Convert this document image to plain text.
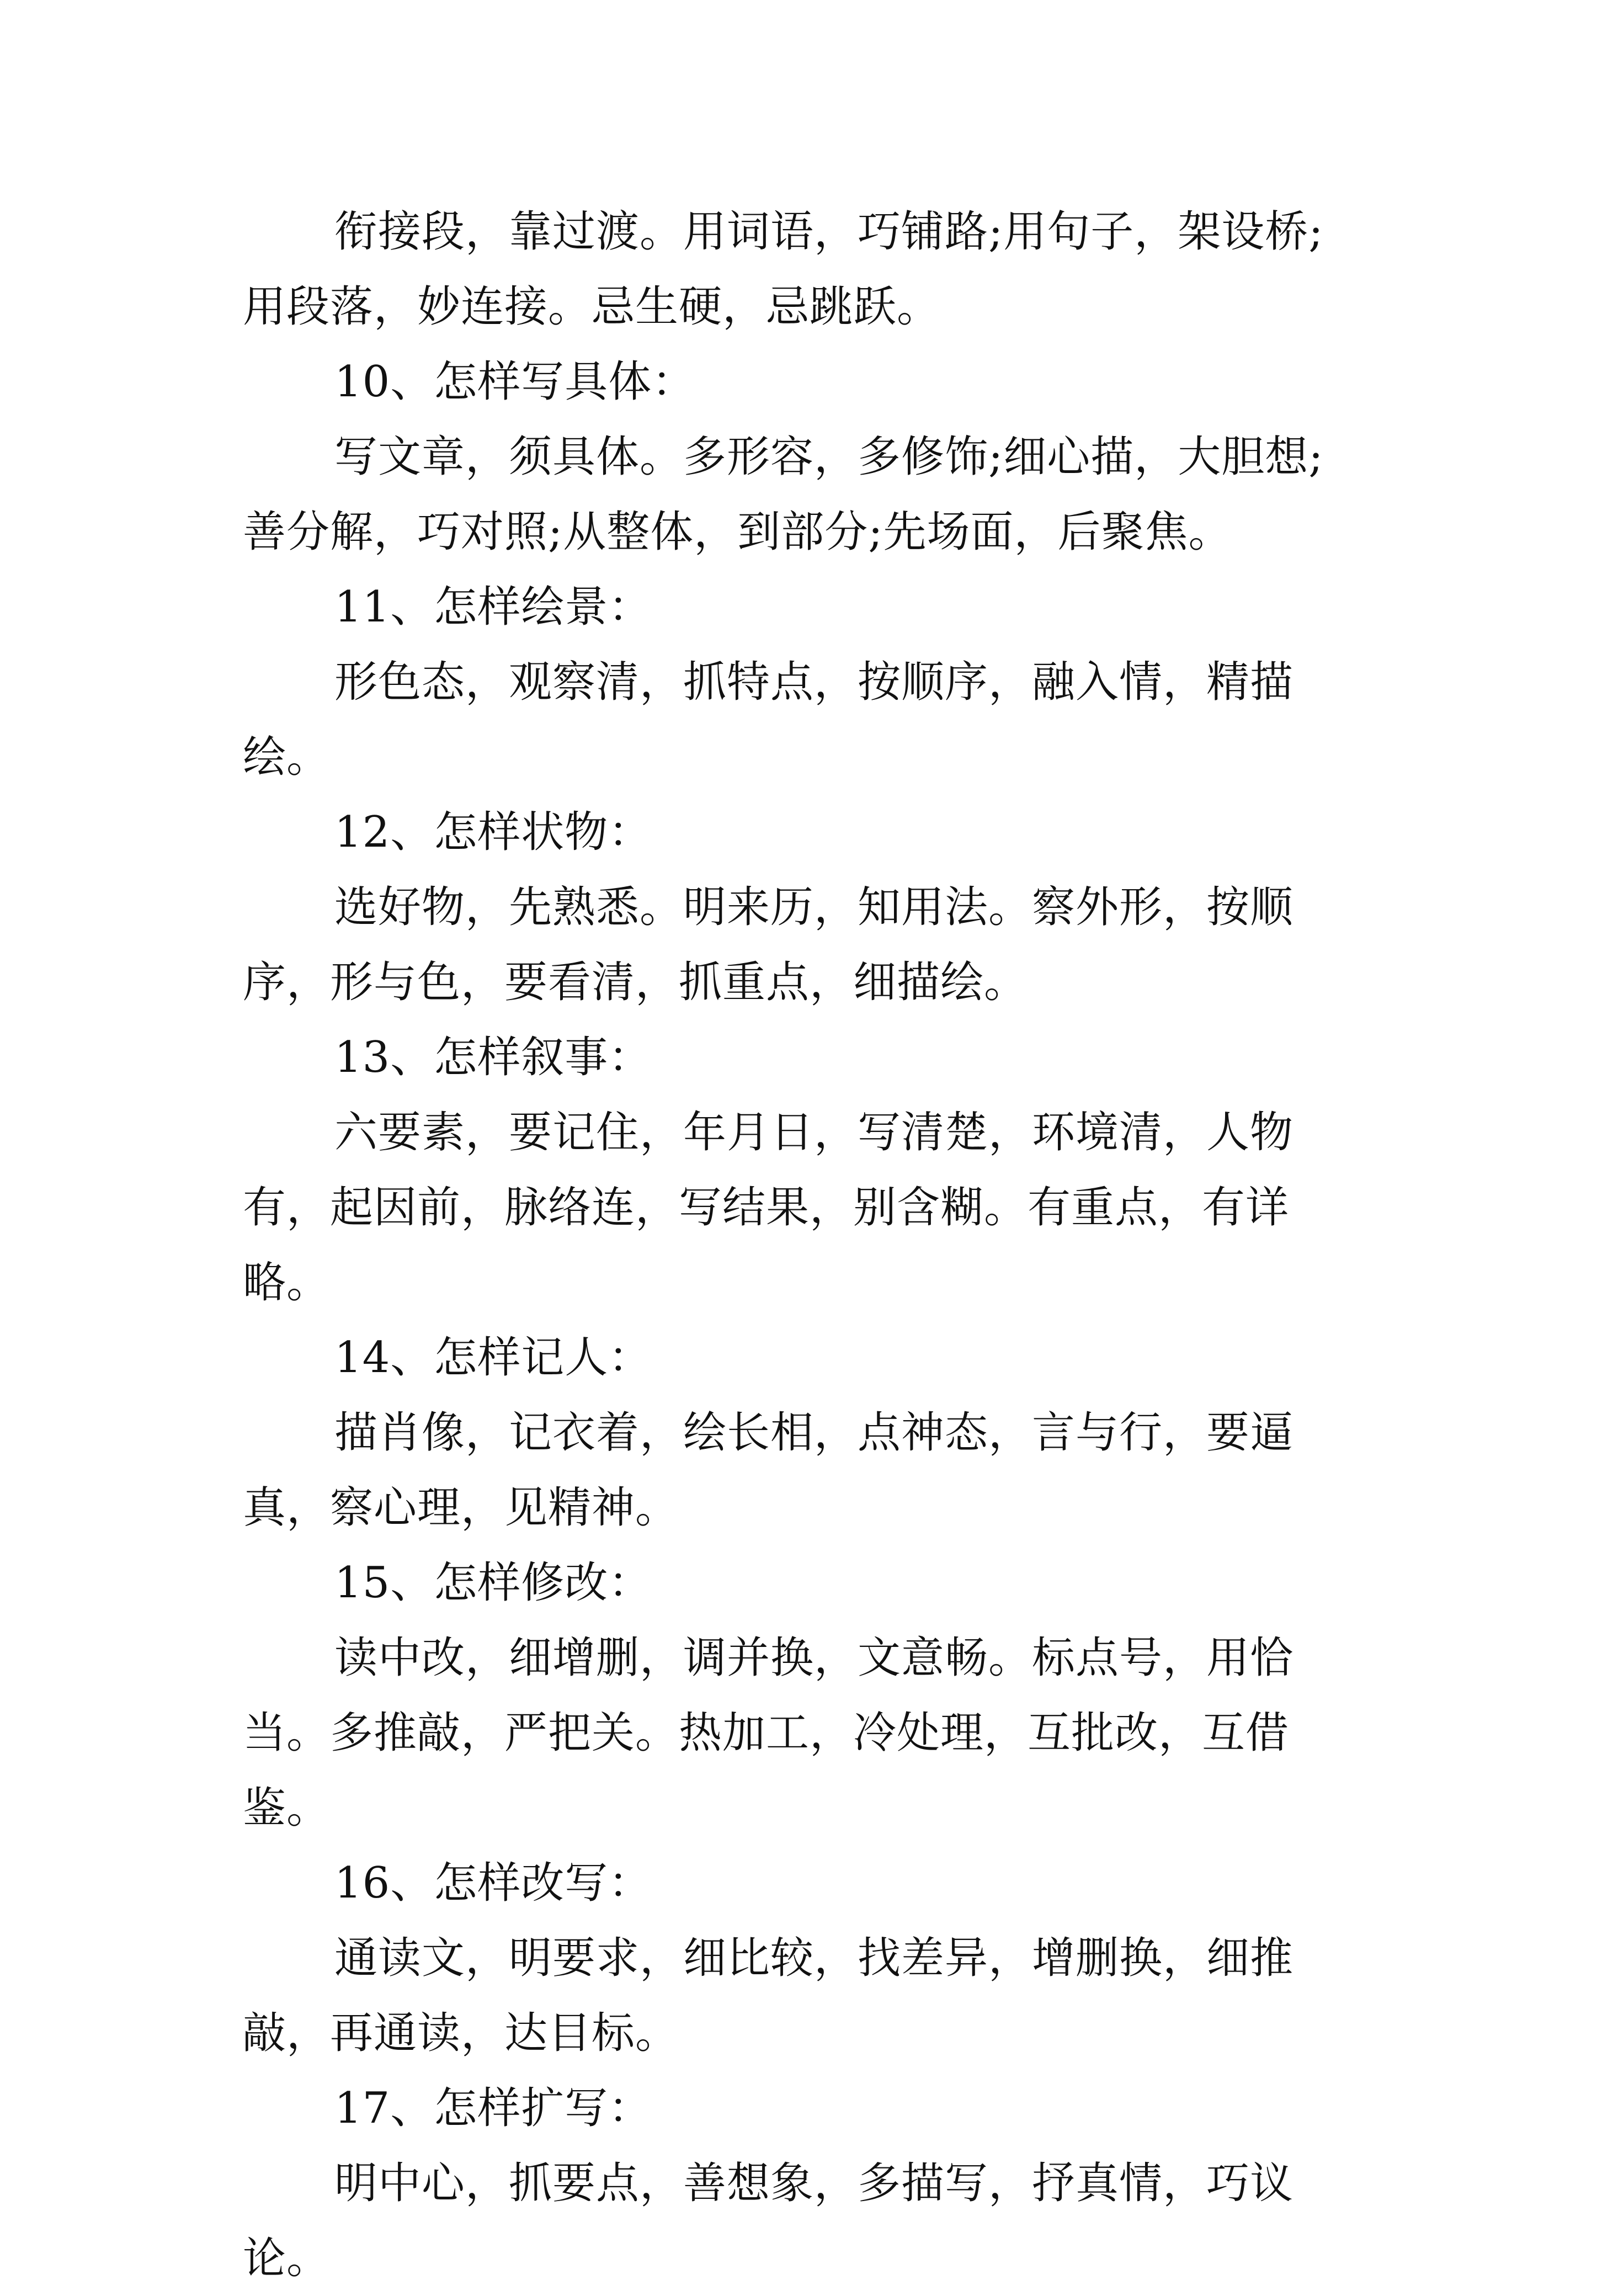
衔接段，靠过渡。用词语，巧铺路;用句子，架设桥;用段落，妙连接。忌生硬，忌跳跃。

10、怎样写具体：

写文章，须具体。多形容，多修饰;细心描，大胆想;善分解，巧对照;从整体，到部分;先场面，后聚焦。

11、怎样绘景：

形色态，观察清，抓特点，按顺序，融入情，精描绘。

12、怎样状物：

选好物，先熟悉。明来历，知用法。察外形，按顺序，形与色，要看清，抓重点，细描绘。

13、怎样叙事：

六要素，要记住，年月日，写清楚，环境清，人物有，起因前，脉络连，写结果，别含糊。有重点，有详略。

14、怎样记人：

描肖像，记衣着，绘长相，点神态，言与行，要逼真，察心理，见精神。

15、怎样修改：

读中改，细增删，调并换，文意畅。标点号，用恰当。多推敲，严把关。热加工，冷处理，互批改，互借鉴。

16、怎样改写：

通读文，明要求，细比较，找差异，增删换，细推敲，再通读，达目标。

17、怎样扩写：

明中心，抓要点，善想象，多描写，抒真情，巧议论。
